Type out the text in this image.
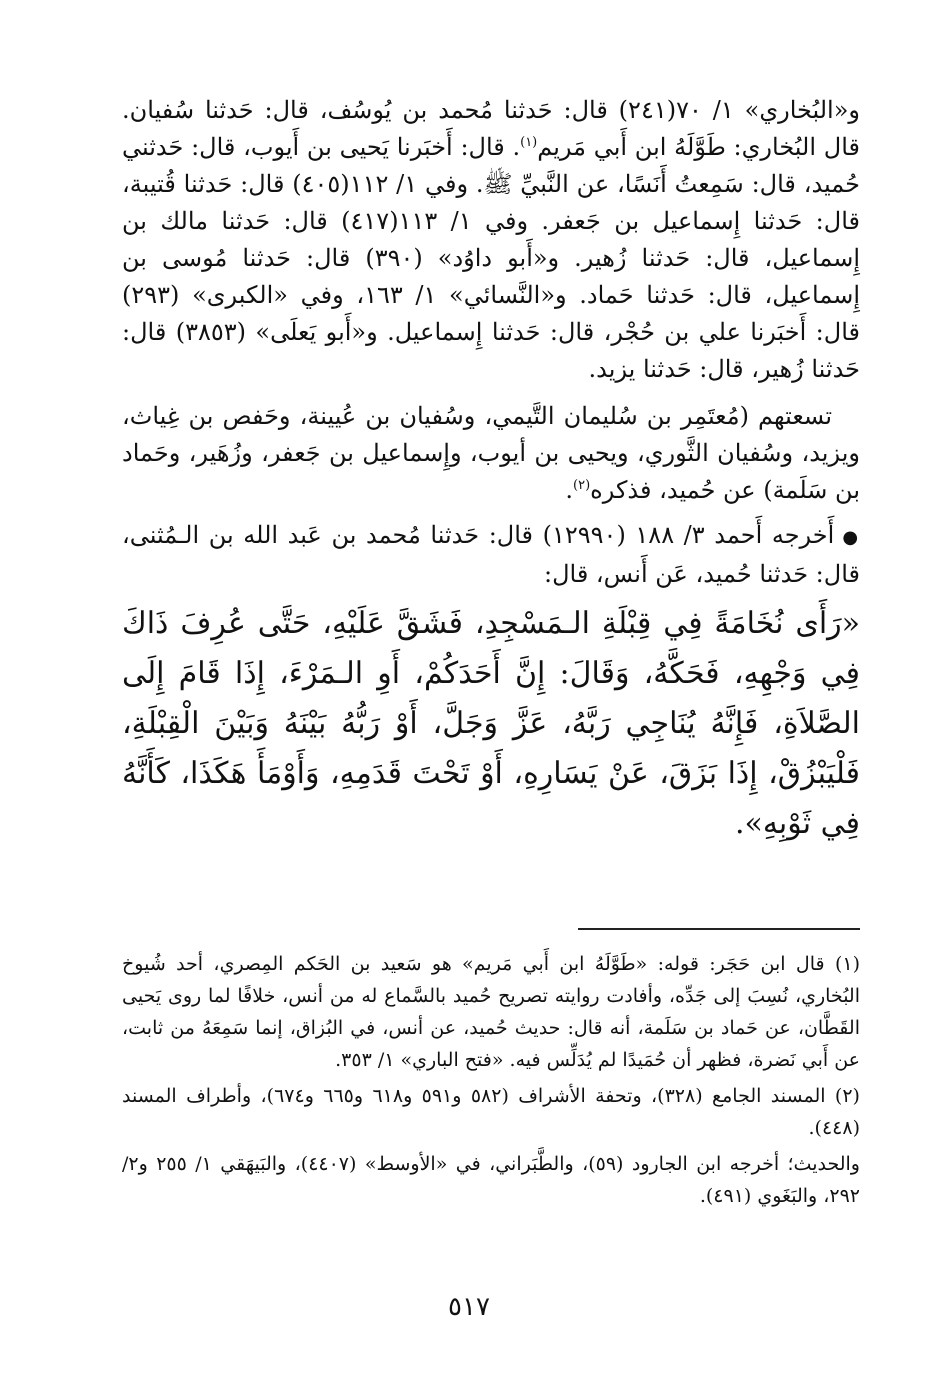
و«البُخاري» ١/ ٧٠(٢٤١) قال: حَدثنا مُحمد بن يُوسُف، قال: حَدثنا سُفيان. قال البُخاري: طَوَّلَهُ ابن أَبي مَريم$^{(١)}$. قال: أَخبَرنا يَحيى بن أَيوب، قال: حَدثني حُميد، قال: سَمِعتُ أَنَسًا، عن النَّبيِّ ﷺ. وفي ١/ ١١٢(٤٠٥) قال: حَدثنا قُتيبة، قال: حَدثنا إِسماعيل بن جَعفر. وفي ١/ ١١٣(٤١٧) قال: حَدثنا مالك بن إِسماعيل، قال: حَدثنا زُهير. و«أَبو داوُد» (٣٩٠) قال: حَدثنا مُوسى بن إِسماعيل، قال: حَدثنا حَماد. و«النَّسائي» ١/ ١٦٣، وفي «الكبرى» (٢٩٣) قال: أَخبَرنا علي بن حُجْر، قال: حَدثنا إِسماعيل. و«أَبو يَعلَى» (٣٨٥٣) قال: حَدثنا زُهير، قال: حَدثنا يزيد.

تسعتهم (مُعتَمِر بن سُليمان التَّيمي، وسُفيان بن عُيينة، وحَفص بن غِياث، ويزيد، وسُفيان الثَّوري، ويحيى بن أيوب، وإِسماعيل بن جَعفر، وزُهَير، وحَماد بن سَلَمة) عن حُميد، فذكره$^{(٢)}$.

●أَخرجه أَحمد ٣/ ١٨٨ (١٢٩٩٠) قال: حَدثنا مُحمد بن عَبد الله بن الـمُثنى، قال: حَدثنا حُميد، عَن أَنس، قال:

«رَأَى نُخَامَةً فِي قِبْلَةِ الـمَسْجِدِ، فَشَقَّ عَلَيْهِ، حَتَّى عُرِفَ ذَاكَ فِي وَجْهِهِ، فَحَكَّهُ، وَقَالَ: إِنَّ أَحَدَكُمْ، أَوِ الـمَرْءَ، إِذَا قَامَ إِلَى الصَّلاَةِ، فَإِنَّهُ يُنَاجِي رَبَّهُ، عَزَّ وَجَلَّ، أَوْ رَبُّهُ بَيْنَهُ وَبَيْنَ الْقِبْلَةِ، فَلْيَبْزُقْ، إِذَا بَزَقَ، عَنْ يَسَارِهِ، أَوْ تَحْتَ قَدَمِهِ، وَأَوْمَأَ هَكَذَا، كَأَنَّهُ فِي ثَوْبِهِ».

(١) قال ابن حَجَر: قوله: «طَوَّلَهُ ابن أَبي مَريم» هو سَعيد بن الحَكم المِصري، أحد شُيوخ البُخاري، نُسِبَ إلى جَدِّه، وأفادت روايته تصريح حُميد بالسَّماع له من أنس، خلافًا لما روى يَحيى القَطَّان، عن حَماد بن سَلَمة، أنه قال: حديث حُميد، عن أنس، في البُزاق، إنما سَمِعَهُ من ثابت، عن أَبي نَضرة، فظهر أن حُمَيدًا لم يُدَلِّس فيه. «فتح الباري» ١/ ٣٥٣.

(٢) المسند الجامع (٣٢٨)، وتحفة الأشراف (٥٨٢ و٥٩١ و٦١٨ و٦٦٥ و٦٧٤)، وأطراف المسند (٤٤٨).

والحديث؛ أخرجه ابن الجارود (٥٩)، والطَّبَراني، في «الأوسط» (٤٤٠٧)، والبَيهَقي ١/ ٢٥٥ و٢/ ٢٩٢، والبَغَوي (٤٩١).

٥١٧
